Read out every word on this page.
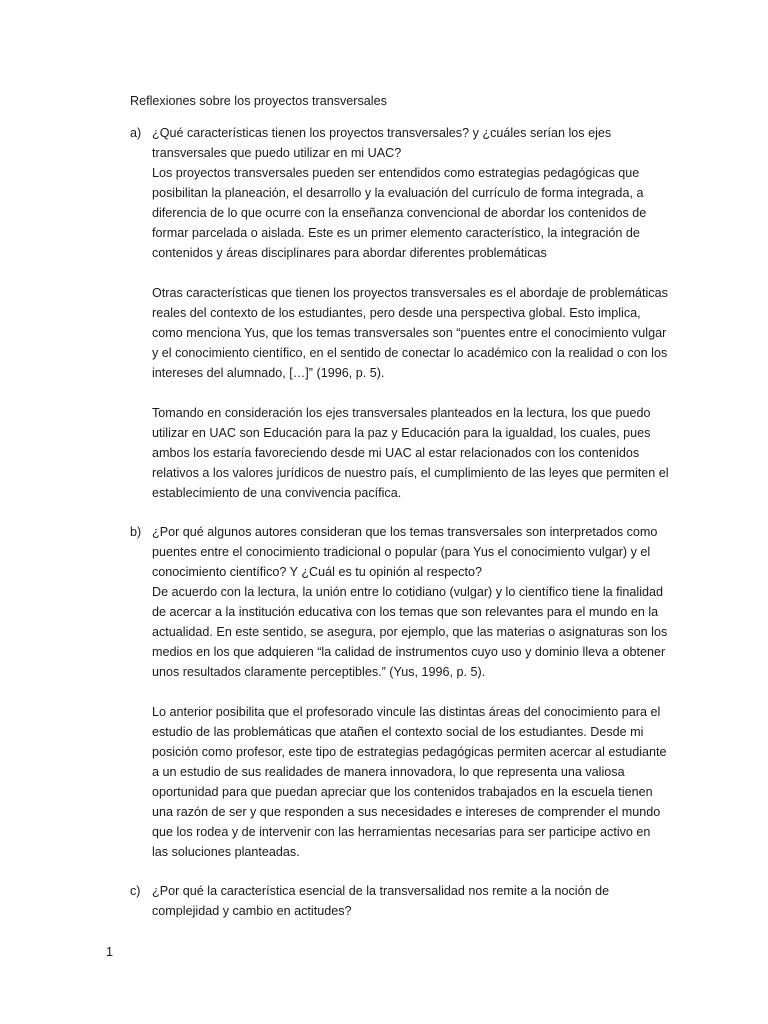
Reflexiones sobre los proyectos transversales

a) ¿Qué características tienen los proyectos transversales? y ¿cuáles serían los ejes transversales que puedo utilizar en mi UAC?

Los proyectos transversales pueden ser entendidos como estrategias pedagógicas que posibilitan la planeación, el desarrollo y la evaluación del currículo de forma integrada, a diferencia de lo que ocurre con la enseñanza convencional de abordar los contenidos de formar parcelada o aislada. Este es un primer elemento característico, la integración de contenidos y áreas disciplinares para abordar diferentes problemáticas

Otras características que tienen los proyectos transversales es el abordaje de problemáticas reales del contexto de los estudiantes, pero desde una perspectiva global. Esto implica, como menciona Yus, que los temas transversales son “puentes entre el conocimiento vulgar y el conocimiento científico, en el sentido de conectar lo académico con la realidad o con los intereses del alumnado, […]” (1996, p. 5).

Tomando en consideración los ejes transversales planteados en la lectura, los que puedo utilizar en UAC son Educación para la paz y Educación para la igualdad, los cuales, pues ambos los estaría favoreciendo desde mi UAC al estar relacionados con los contenidos relativos a los valores jurídicos de nuestro país, el cumplimiento de las leyes que permiten el establecimiento de una convivencia pacífica.

b) ¿Por qué algunos autores consideran que los temas transversales son interpretados como puentes entre el conocimiento tradicional o popular (para Yus el conocimiento vulgar) y el conocimiento científico? Y ¿Cuál es tu opinión al respecto?

De acuerdo con la lectura, la unión entre lo cotidiano (vulgar) y lo científico tiene la finalidad de acercar a la institución educativa con los temas que son relevantes para el mundo en la actualidad. En este sentido, se asegura, por ejemplo, que las materias o asignaturas son los medios en los que adquieren “la calidad de instrumentos cuyo uso y dominio lleva a obtener unos resultados claramente perceptibles.” (Yus, 1996, p. 5).

Lo anterior posibilita que el profesorado vincule las distintas áreas del conocimiento para el estudio de las problemáticas que atañen el contexto social de los estudiantes. Desde mi posición como profesor, este tipo de estrategias pedagógicas permiten acercar al estudiante a un estudio de sus realidades de manera innovadora, lo que representa una valiosa oportunidad para que puedan apreciar que los contenidos trabajados en la escuela tienen una razón de ser y que responden a sus necesidades e intereses de comprender el mundo que los rodea y de intervenir con las herramientas necesarias para ser participe activo en las soluciones planteadas.

c) ¿Por qué la característica esencial de la transversalidad nos remite a la noción de complejidad y cambio en actitudes?

1
